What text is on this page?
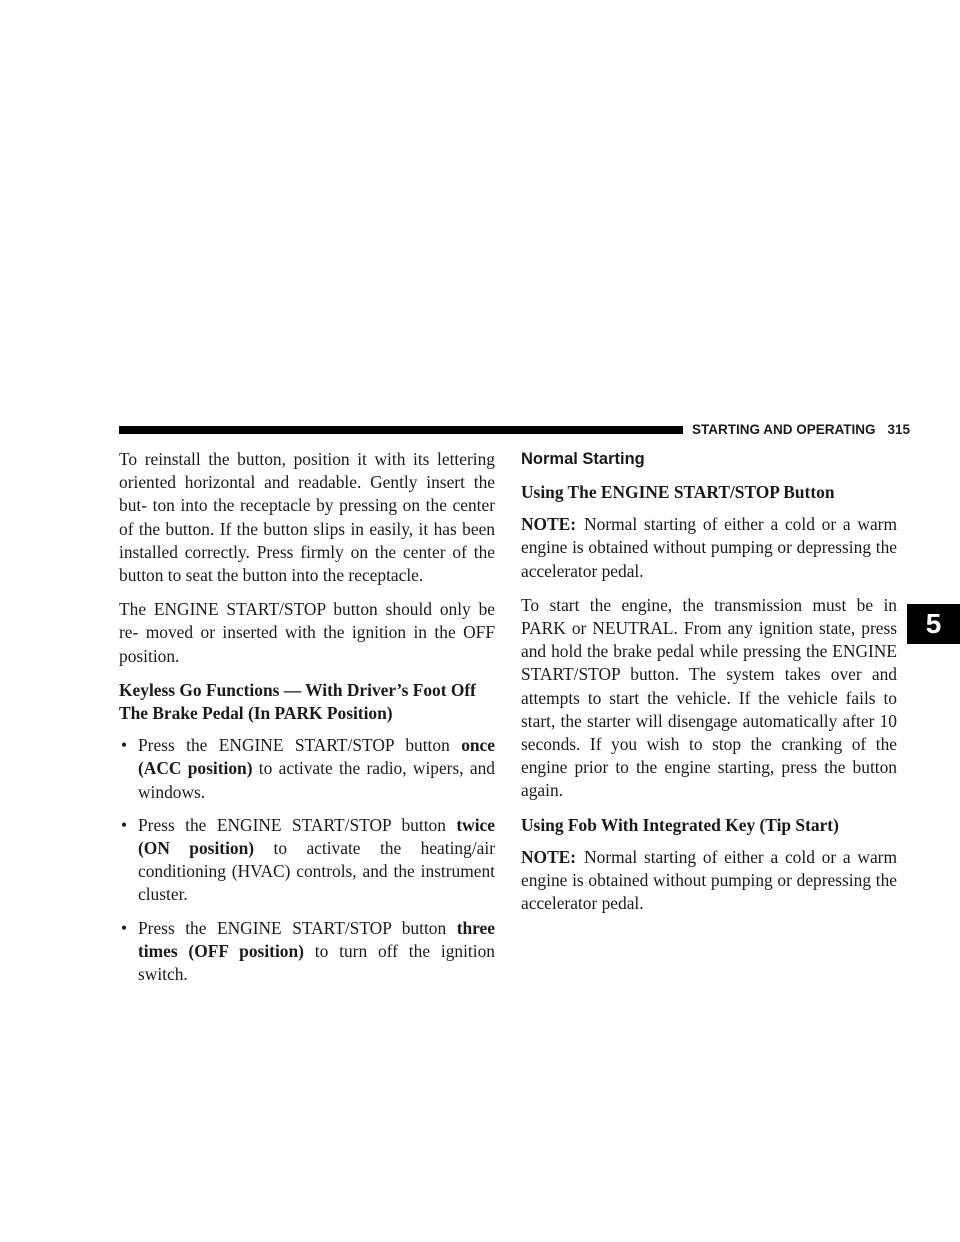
STARTING AND OPERATING 315
5

To reinstall the button, position it with its lettering oriented horizontal and readable. Gently insert the but- ton into the receptacle by pressing on the center of the button. If the button slips in easily, it has been installed correctly. Press firmly on the center of the button to seat the button into the receptacle.

The ENGINE START/STOP button should only be re- moved or inserted with the ignition in the OFF position.

Keyless Go Functions — With Driver’s Foot Off The Brake Pedal (In PARK Position)
• Press the ENGINE START/STOP button once (ACC position) to activate the radio, wipers, and windows.
• Press the ENGINE START/STOP button twice (ON position) to activate the heating/air conditioning (HVAC) controls, and the instrument cluster.
• Press the ENGINE START/STOP button three times (OFF position) to turn off the ignition switch.
Normal Starting
Using The ENGINE START/STOP Button

NOTE: Normal starting of either a cold or a warm engine is obtained without pumping or depressing the accelerator pedal.

To start the engine, the transmission must be in PARK or NEUTRAL. From any ignition state, press and hold the brake pedal while pressing the ENGINE START/STOP button. The system takes over and attempts to start the vehicle. If the vehicle fails to start, the starter will disengage automatically after 10 seconds. If you wish to stop the cranking of the engine prior to the engine starting, press the button again.

Using Fob With Integrated Key (Tip Start)

NOTE: Normal starting of either a cold or a warm engine is obtained without pumping or depressing the accelerator pedal.
